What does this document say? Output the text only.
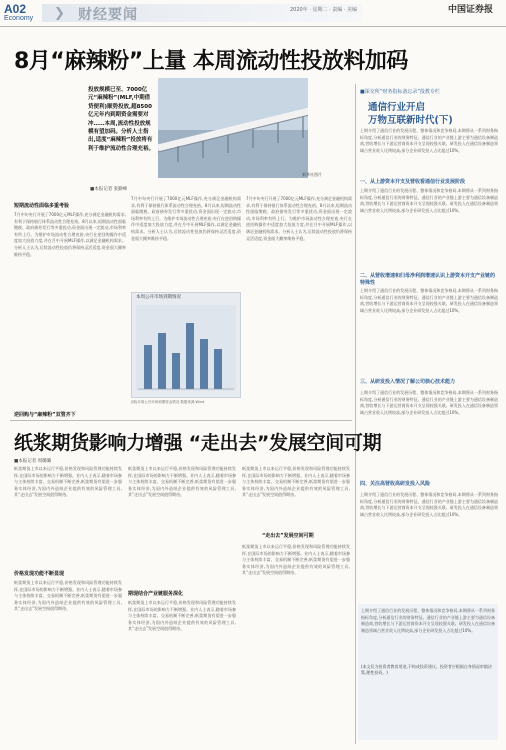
A02
Economy ❯ 财经要闻	2020年 · 星期二 · 责编 · 美编	中国证券报
8月“麻辣粉”上量 本周流动性投放料加码
投放规模已至、7000亿元“麻辣粉”(MLF,中期借贷便利)顺势投放,超8500亿元年内到期资金需要对冲……本周,流动性投放规模有望加码。分析人士指出,适度“麻辣粉”投放将有利于维护流动性合理充裕。
■本报记者 张勤峰
新华社图片
短期流动性面临多重考验
7月中旬央行开展了7000亿元MLF操作,充分满足金融机构需求,有利于保持银行体系流动性合理充裕。8月以来,短期流动性面临缴税、政府债券发行等多重扰动,资金面出现一定波动,市场利率有所上行。为维护市场流动性合理充裕,央行在逆回购操作中适度加大投放力度,并在月中开展MLF操作,以满足金融机构需求。分析人士认为,后续流动性投放仍将保持灵活适度,资金面大概率维持平稳。
逆回购与“麻辣粉”双管齐下
7月中旬央行开展了7000亿元MLF操作,充分满足金融机构需求,有利于保持银行体系流动性合理充裕。8月以来,短期流动性面临缴税、政府债券发行等多重扰动,资金面出现一定波动,市场利率有所上行。为维护市场流动性合理充裕,央行在逆回购操作中适度加大投放力度,并在月中开展MLF操作,以满足金融机构需求。分析人士认为,后续流动性投放仍将保持灵活适度,资金面大概率维持平稳。
本周公开市场到期情况
(图)本周公开市场到期资金情况 数据来源:Wind
7月中旬央行开展了7000亿元MLF操作,充分满足金融机构需求,有利于保持银行体系流动性合理充裕。8月以来,短期流动性面临缴税、政府债券发行等多重扰动,资金面出现一定波动,市场利率有所上行。为维护市场流动性合理充裕,央行在逆回购操作中适度加大投放力度,并在月中开展MLF操作,以满足金融机构需求。分析人士认为,后续流动性投放仍将保持灵活适度,资金面大概率维持平稳。
■深交所“财务指标备忘录”投教专栏
通信行业开启
万物互联新时代(下)
上期介绍了通信行业的发展历程、整体情况和竞争格局,本期将从一系列财务指标角度,分析通信行业的财务特征。通信行业的产业链上游主要为通信设备制造商,营收增长与下游运营商资本开支呈现较强关联。研发投入在通信设备制造领域占营业收入比例较高,部分企业研发投入占比超过10%。
一、从上游资本开支及营收看通信行业发展阶段
上期介绍了通信行业的发展历程、整体情况和竞争格局,本期将从一系列财务指标角度,分析通信行业的财务特征。通信行业的产业链上游主要为通信设备制造商,营收增长与下游运营商资本开支呈现较强关联。研发投入在通信设备制造领域占营业收入比例较高,部分企业研发投入占比超过10%。
二、从营收增速和归母净利润增速认识上游资本开支产业链的特殊性
上期介绍了通信行业的发展历程、整体情况和竞争格局,本期将从一系列财务指标角度,分析通信行业的财务特征。通信行业的产业链上游主要为通信设备制造商,营收增长与下游运营商资本开支呈现较强关联。研发投入在通信设备制造领域占营业收入比例较高,部分企业研发投入占比超过10%。
三、从研发投入情况了解公司核心技术能力
上期介绍了通信行业的发展历程、整体情况和竞争格局,本期将从一系列财务指标角度,分析通信行业的财务特征。通信行业的产业链上游主要为通信设备制造商,营收增长与下游运营商资本开支呈现较强关联。研发投入在通信设备制造领域占营业收入比例较高,部分企业研发投入占比超过10%。
四、关注高营收高研发投入风险
上期介绍了通信行业的发展历程、整体情况和竞争格局,本期将从一系列财务指标角度,分析通信行业的财务特征。通信行业的产业链上游主要为通信设备制造商,营收增长与下游运营商资本开支呈现较强关联。研发投入在通信设备制造领域占营业收入比例较高,部分企业研发投入占比超过10%。
上期介绍了通信行业的发展历程、整体情况和竞争格局,本期将从一系列财务指标角度,分析通信行业的财务特征。通信行业的产业链上游主要为通信设备制造商,营收增长与下游运营商资本开支呈现较强关联。研发投入在通信设备制造领域占营业收入比例较高,部分企业研发投入占比超过10%。
(本文仅为投资者教育用途,不构成投资建议。投资者应根据自身情况审慎决策,理性投资。)
纸浆期货影响力增强 “走出去”发展空间可期
■本报记者 周璐璐
纸浆期货上市以来运行平稳,价格发现和风险管理功能持续发挥,在国际市场的影响力不断增强。业内人士表示,随着市场参与主体持续丰富、交易机制不断完善,纸浆期货有望进一步服务实体经济,为国内外造纸企业提供有效的风险管理工具,其“走出去”发展空间值得期待。
价格发现功能不断显现
纸浆期货上市以来运行平稳,价格发现和风险管理功能持续发挥,在国际市场的影响力不断增强。业内人士表示,随着市场参与主体持续丰富、交易机制不断完善,纸浆期货有望进一步服务实体经济,为国内外造纸企业提供有效的风险管理工具,其“走出去”发展空间值得期待。
纸浆期货上市以来运行平稳,价格发现和风险管理功能持续发挥,在国际市场的影响力不断增强。业内人士表示,随着市场参与主体持续丰富、交易机制不断完善,纸浆期货有望进一步服务实体经济,为国内外造纸企业提供有效的风险管理工具,其“走出去”发展空间值得期待。
期现结合产业链服务深化
纸浆期货上市以来运行平稳,价格发现和风险管理功能持续发挥,在国际市场的影响力不断增强。业内人士表示,随着市场参与主体持续丰富、交易机制不断完善,纸浆期货有望进一步服务实体经济,为国内外造纸企业提供有效的风险管理工具,其“走出去”发展空间值得期待。
纸浆期货上市以来运行平稳,价格发现和风险管理功能持续发挥,在国际市场的影响力不断增强。业内人士表示,随着市场参与主体持续丰富、交易机制不断完善,纸浆期货有望进一步服务实体经济,为国内外造纸企业提供有效的风险管理工具,其“走出去”发展空间值得期待。
“走出去”发展空间可期
纸浆期货上市以来运行平稳,价格发现和风险管理功能持续发挥,在国际市场的影响力不断增强。业内人士表示,随着市场参与主体持续丰富、交易机制不断完善,纸浆期货有望进一步服务实体经济,为国内外造纸企业提供有效的风险管理工具,其“走出去”发展空间值得期待。
